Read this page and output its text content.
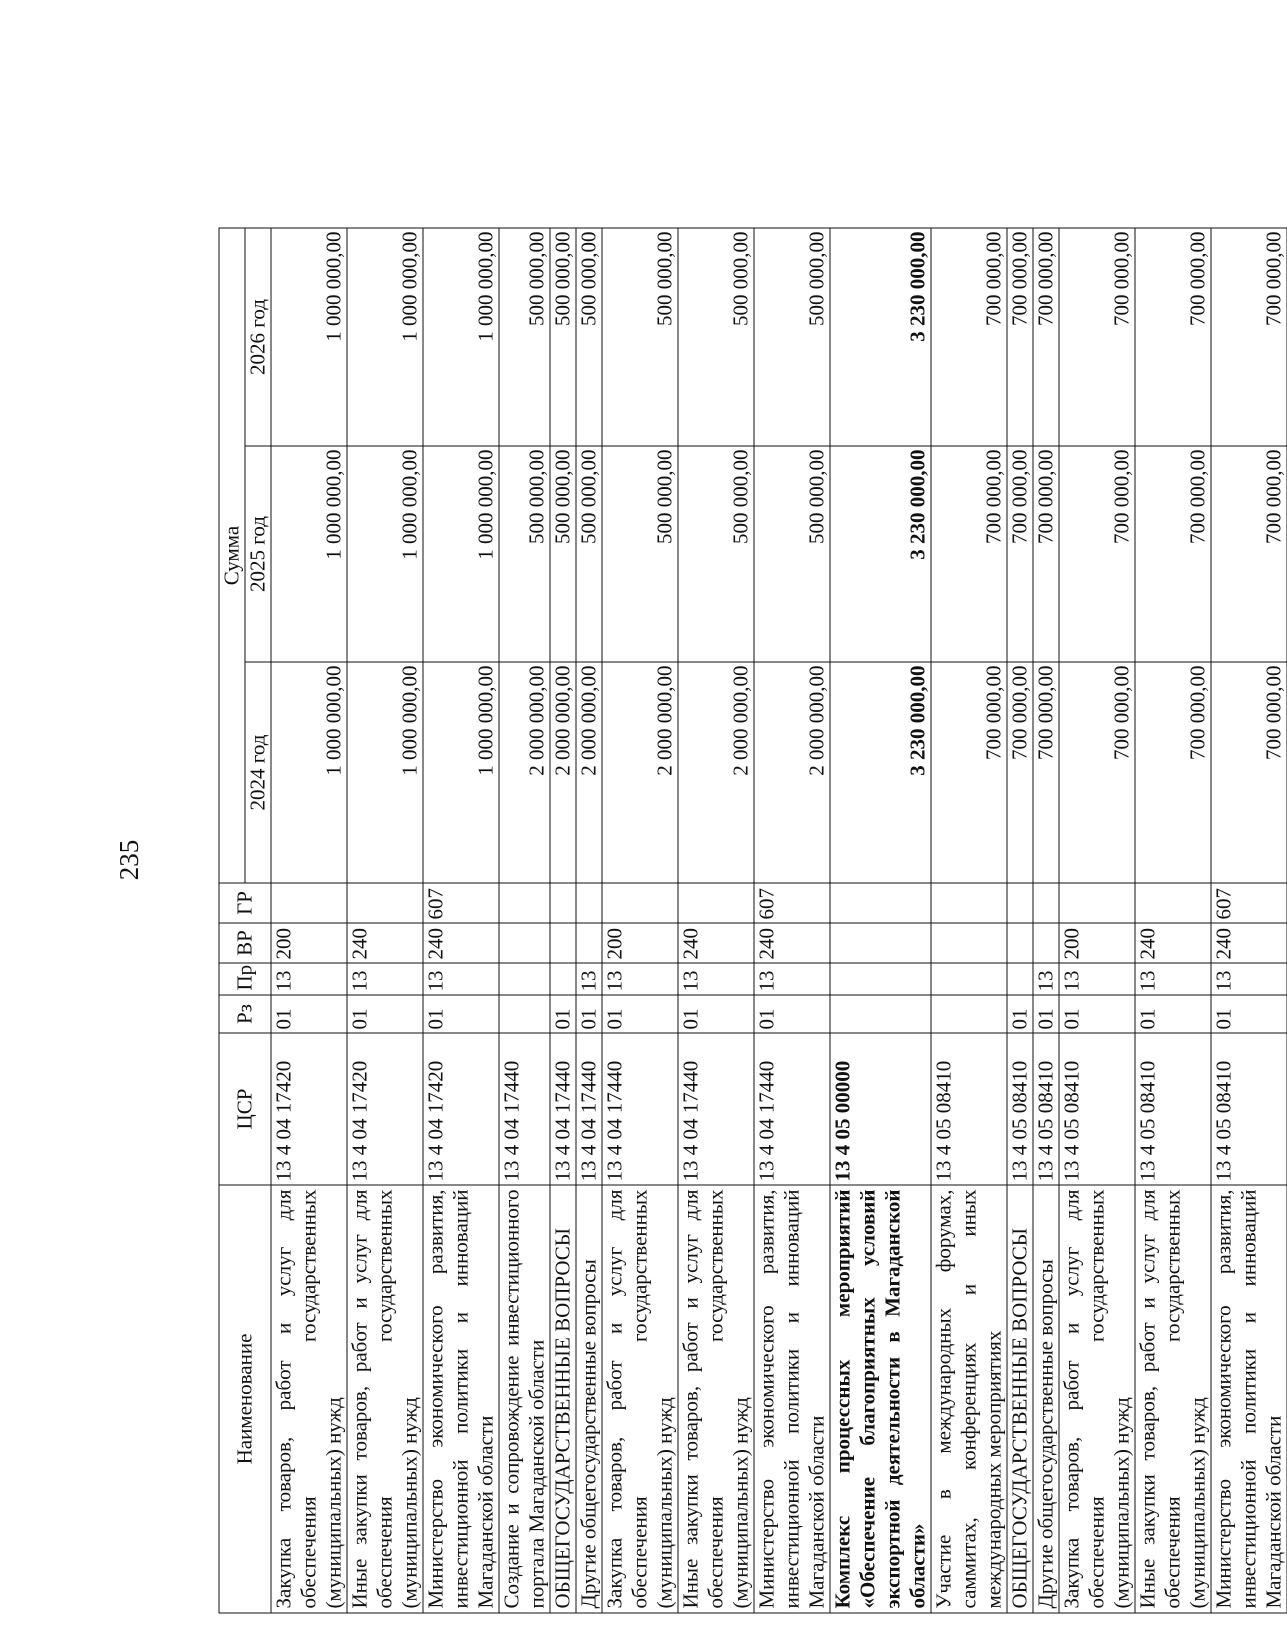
235
Наименование	ЦСР	Рз	Пр	ВР	ГР	Сумма		
						2024 год	2025 год	2026 год
Закупка товаров, работ и услуг для обеспечения государственных (муниципальных) нужд	13 4 04 17420	01	13	200		1 000 000,00	1 000 000,00	1 000 000,00
Иные закупки товаров, работ и услуг для обеспечения государственных (муниципальных) нужд	13 4 04 17420	01	13	240		1 000 000,00	1 000 000,00	1 000 000,00
Министерство экономического развития, инвестиционной политики и инноваций Магаданской области	13 4 04 17420	01	13	240	607	1 000 000,00	1 000 000,00	1 000 000,00
Создание и сопровождение инвестиционного портала Магаданской области	13 4 04 17440					2 000 000,00	500 000,00	500 000,00
ОБЩЕГОСУДАРСТВЕННЫЕ ВОПРОСЫ	13 4 04 17440	01				2 000 000,00	500 000,00	500 000,00
Другие общегосударственные вопросы	13 4 04 17440	01	13			2 000 000,00	500 000,00	500 000,00
Закупка товаров, работ и услуг для обеспечения государственных (муниципальных) нужд	13 4 04 17440	01	13	200		2 000 000,00	500 000,00	500 000,00
Иные закупки товаров, работ и услуг для обеспечения государственных (муниципальных) нужд	13 4 04 17440	01	13	240		2 000 000,00	500 000,00	500 000,00
Министерство экономического развития, инвестиционной политики и инноваций Магаданской области	13 4 04 17440	01	13	240	607	2 000 000,00	500 000,00	500 000,00
Комплекс процессных мероприятий «Обеспечение благоприятных условий экспортной деятельности в Магаданской области»	13 4 05 00000					3 230 000,00	3 230 000,00	3 230 000,00
Участие в международных форумах, саммитах, конференциях и иных международных мероприятиях	13 4 05 08410					700 000,00	700 000,00	700 000,00
ОБЩЕГОСУДАРСТВЕННЫЕ ВОПРОСЫ	13 4 05 08410	01				700 000,00	700 000,00	700 000,00
Другие общегосударственные вопросы	13 4 05 08410	01	13			700 000,00	700 000,00	700 000,00
Закупка товаров, работ и услуг для обеспечения государственных (муниципальных) нужд	13 4 05 08410	01	13	200		700 000,00	700 000,00	700 000,00
Иные закупки товаров, работ и услуг для обеспечения государственных (муниципальных) нужд	13 4 05 08410	01	13	240		700 000,00	700 000,00	700 000,00
Министерство экономического развития, инвестиционной политики и инноваций Магаданской области	13 4 05 08410	01	13	240	607	700 000,00	700 000,00	700 000,00
